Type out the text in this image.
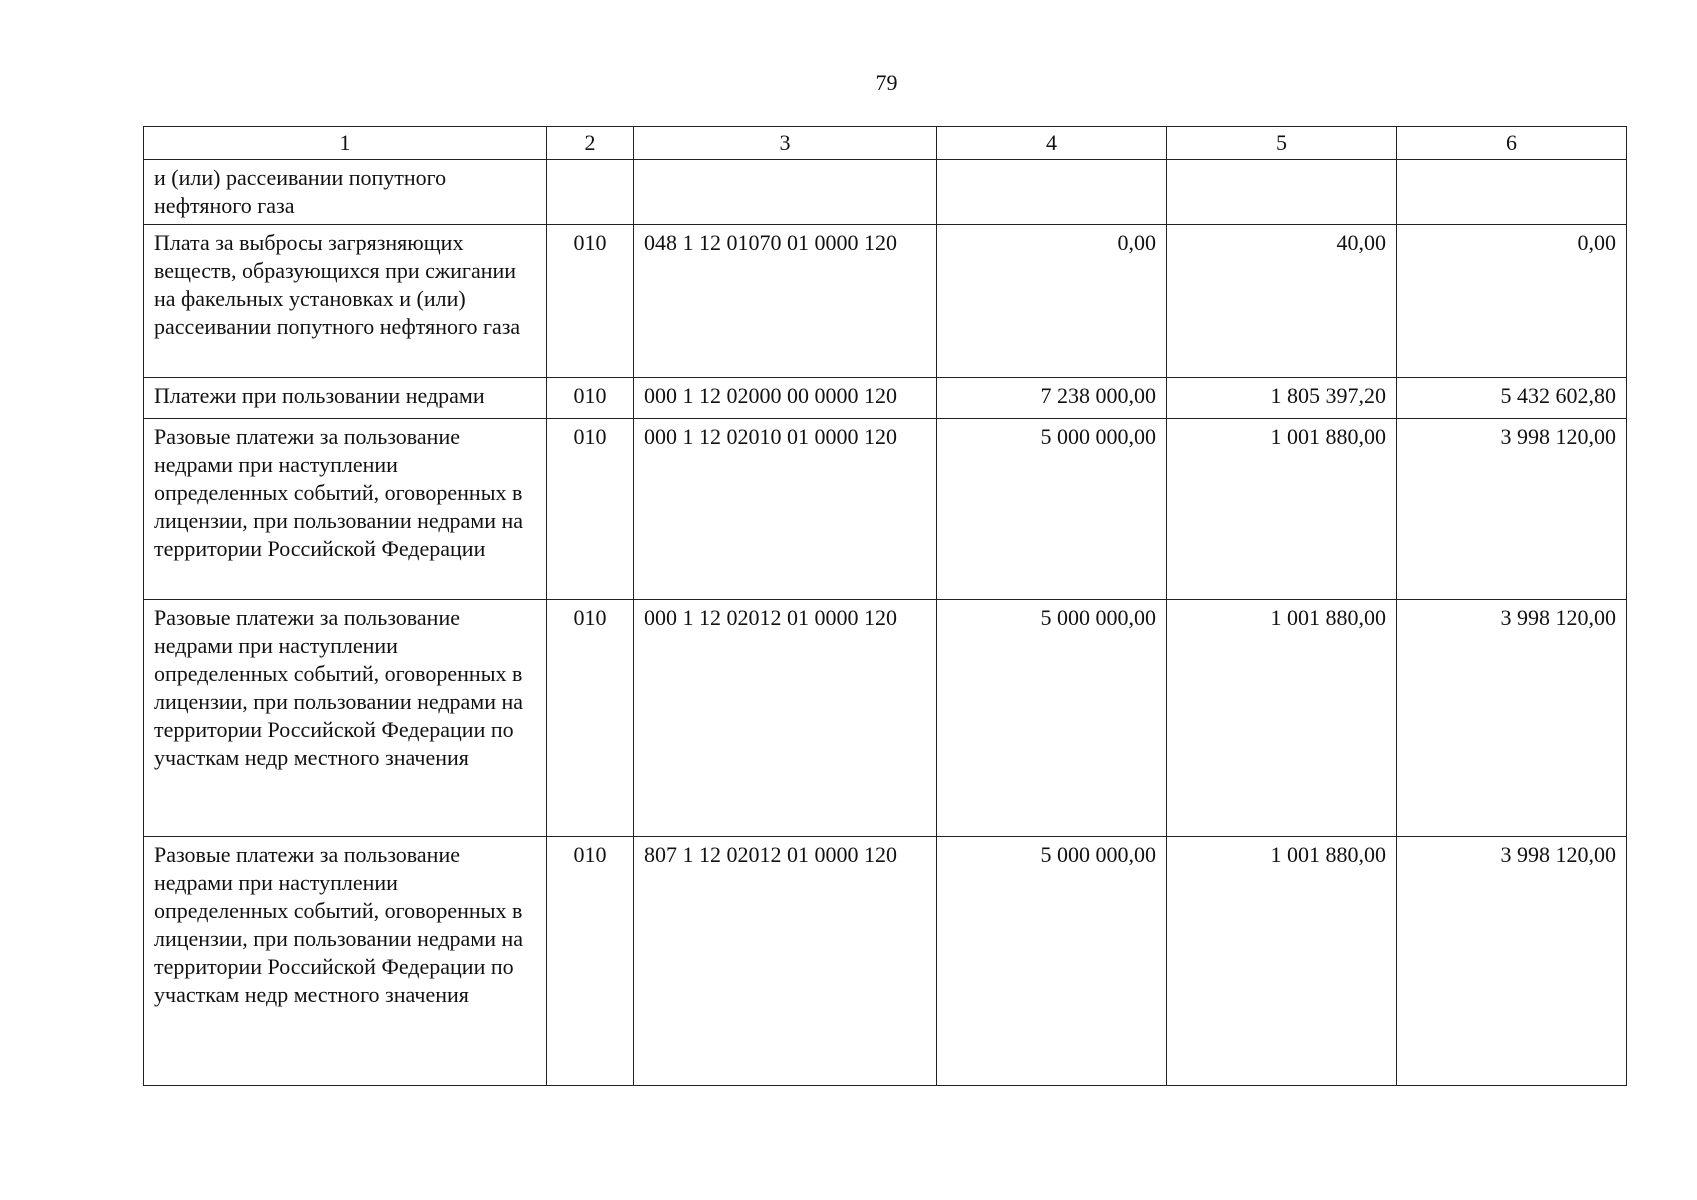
79
1	2	3	4	5	6
и (или) рассеивании попутного нефтяного газа					
Плата за выбросы загрязняющих веществ, образующихся при сжигании на факельных установках и (или) рассеивании попутного нефтяного газа	010	048 1 12 01070 01 0000 120	0,00	40,00	0,00
Платежи при пользовании недрами	010	000 1 12 02000 00 0000 120	7 238 000,00	1 805 397,20	5 432 602,80
Разовые платежи за пользование недрами при наступлении определенных событий, оговоренных в лицензии, при пользовании недрами на территории Российской Федерации	010	000 1 12 02010 01 0000 120	5 000 000,00	1 001 880,00	3 998 120,00
Разовые платежи за пользование недрами при наступлении определенных событий, оговоренных в лицензии, при пользовании недрами на территории Российской Федерации по участкам недр местного значения	010	000 1 12 02012 01 0000 120	5 000 000,00	1 001 880,00	3 998 120,00
Разовые платежи за пользование недрами при наступлении определенных событий, оговоренных в лицензии, при пользовании недрами на территории Российской Федерации по участкам недр местного значения	010	807 1 12 02012 01 0000 120	5 000 000,00	1 001 880,00	3 998 120,00
